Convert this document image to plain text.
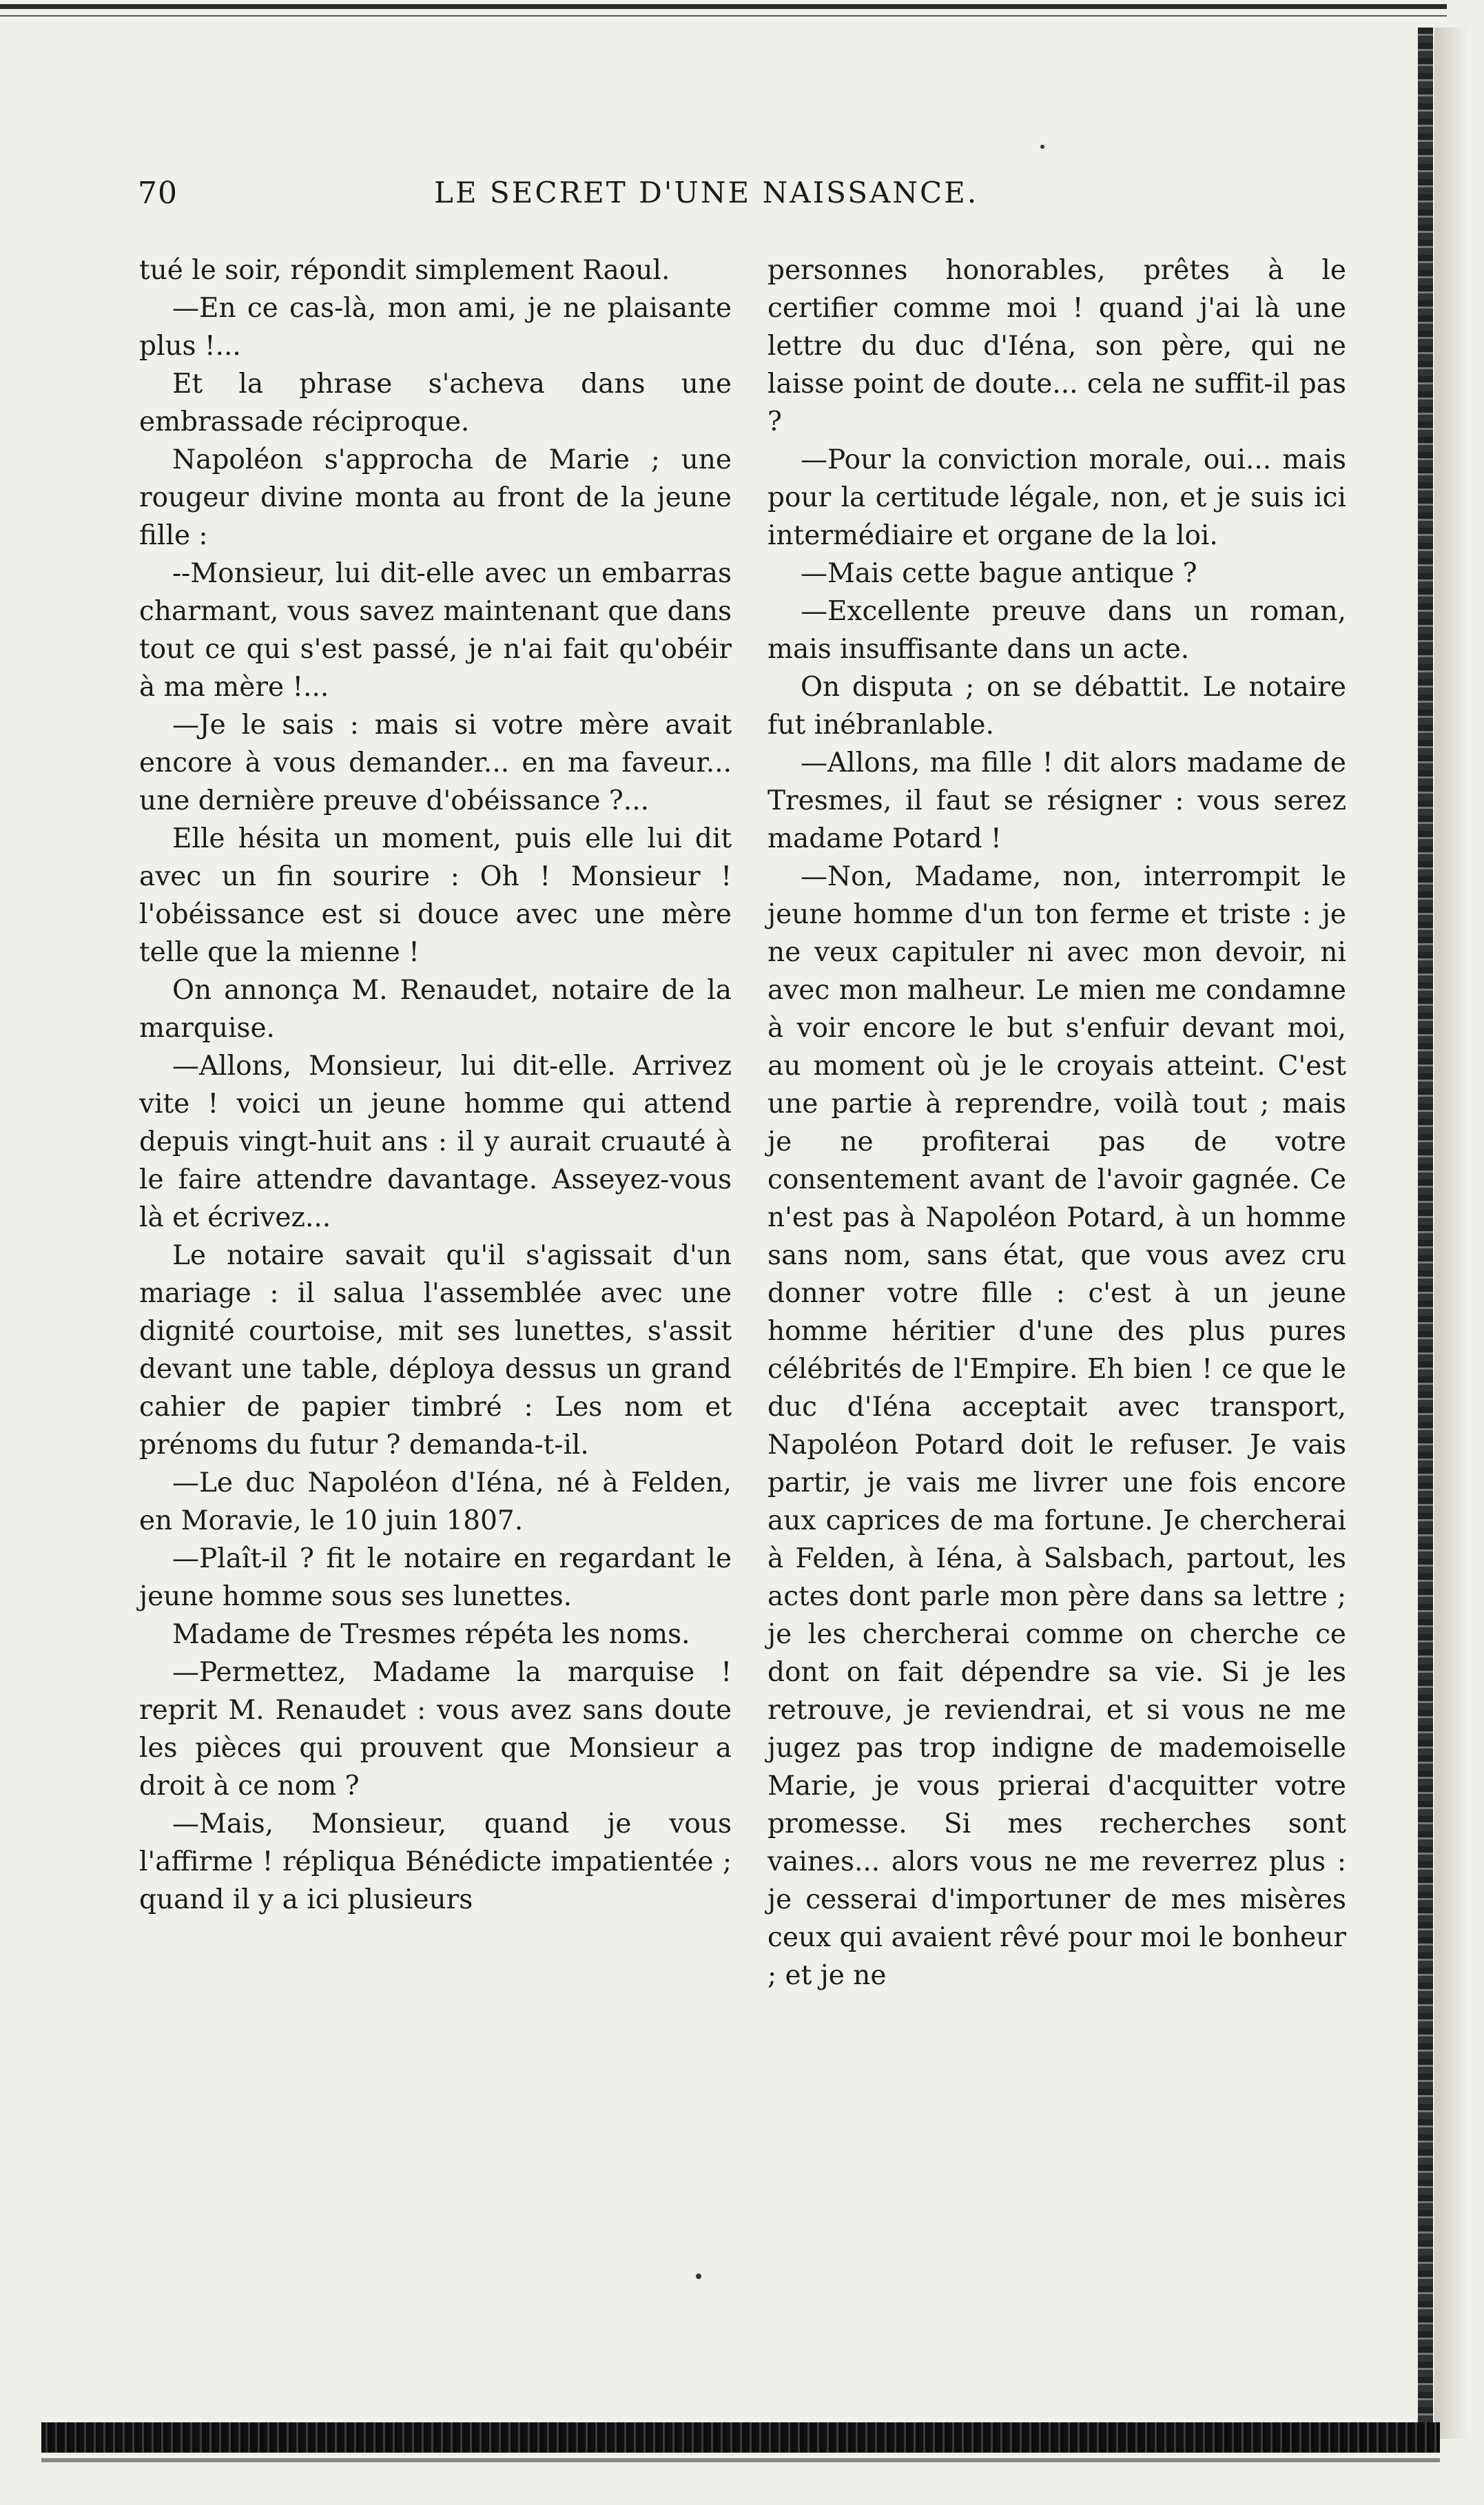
70	LE SECRET D'UNE NAISSANCE.

tué le soir, répondit simplement Raoul.

—En ce cas-là, mon ami, je ne plaisante plus !...

Et la phrase s'acheva dans une embrassade réciproque.

Napoléon s'approcha de Marie ; une rougeur divine monta au front de la jeune fille :

--Monsieur, lui dit-elle avec un embarras charmant, vous savez maintenant que dans tout ce qui s'est passé, je n'ai fait qu'obéir à ma mère !...

—Je le sais : mais si votre mère avait encore à vous demander... en ma faveur... une dernière preuve d'obéissance ?...

Elle hésita un moment, puis elle lui dit avec un fin sourire : Oh ! Monsieur ! l'obéissance est si douce avec une mère telle que la mienne !

On annonça M. Renaudet, notaire de la marquise.

—Allons, Monsieur, lui dit-elle. Arrivez vite ! voici un jeune homme qui attend depuis vingt-huit ans : il y aurait cruauté à le faire attendre davantage. Asseyez-vous là et écrivez...

Le notaire savait qu'il s'agissait d'un mariage : il salua l'assemblée avec une dignité courtoise, mit ses lunettes, s'assit devant une table, déploya dessus un grand cahier de papier timbré : Les nom et prénoms du futur ? demanda-t-il.

—Le duc Napoléon d'Iéna, né à Felden, en Moravie, le 10 juin 1807.

—Plaît-il ? fit le notaire en regardant le jeune homme sous ses lunettes.

Madame de Tresmes répéta les noms.

—Permettez, Madame la marquise ! reprit M. Renaudet : vous avez sans doute les pièces qui prouvent que Monsieur a droit à ce nom ?

—Mais, Monsieur, quand je vous l'affirme ! répliqua Bénédicte impatientée ; quand il y a ici plusieurs

personnes honorables, prêtes à le certifier comme moi ! quand j'ai là une lettre du duc d'Iéna, son père, qui ne laisse point de doute... cela ne suffit-il pas ?

—Pour la conviction morale, oui... mais pour la certitude légale, non, et je suis ici intermédiaire et organe de la loi.

—Mais cette bague antique ?

—Excellente preuve dans un roman, mais insuffisante dans un acte.

On disputa ; on se débattit. Le notaire fut inébranlable.

—Allons, ma fille ! dit alors madame de Tresmes, il faut se résigner : vous serez madame Potard !

—Non, Madame, non, interrompit le jeune homme d'un ton ferme et triste : je ne veux capituler ni avec mon devoir, ni avec mon malheur. Le mien me condamne à voir encore le but s'enfuir devant moi, au moment où je le croyais atteint. C'est une partie à reprendre, voilà tout ; mais je ne profiterai pas de votre consentement avant de l'avoir gagnée. Ce n'est pas à Napoléon Potard, à un homme sans nom, sans état, que vous avez cru donner votre fille : c'est à un jeune homme héritier d'une des plus pures célébrités de l'Empire. Eh bien ! ce que le duc d'Iéna acceptait avec transport, Napoléon Potard doit le refuser. Je vais partir, je vais me livrer une fois encore aux caprices de ma fortune. Je chercherai à Felden, à Iéna, à Salsbach, partout, les actes dont parle mon père dans sa lettre ; je les chercherai comme on cherche ce dont on fait dépendre sa vie. Si je les retrouve, je reviendrai, et si vous ne me jugez pas trop indigne de mademoiselle Marie, je vous prierai d'acquitter votre promesse. Si mes recherches sont vaines... alors vous ne me reverrez plus : je cesserai d'importuner de mes misères ceux qui avaient rêvé pour moi le bonheur ; et je ne
